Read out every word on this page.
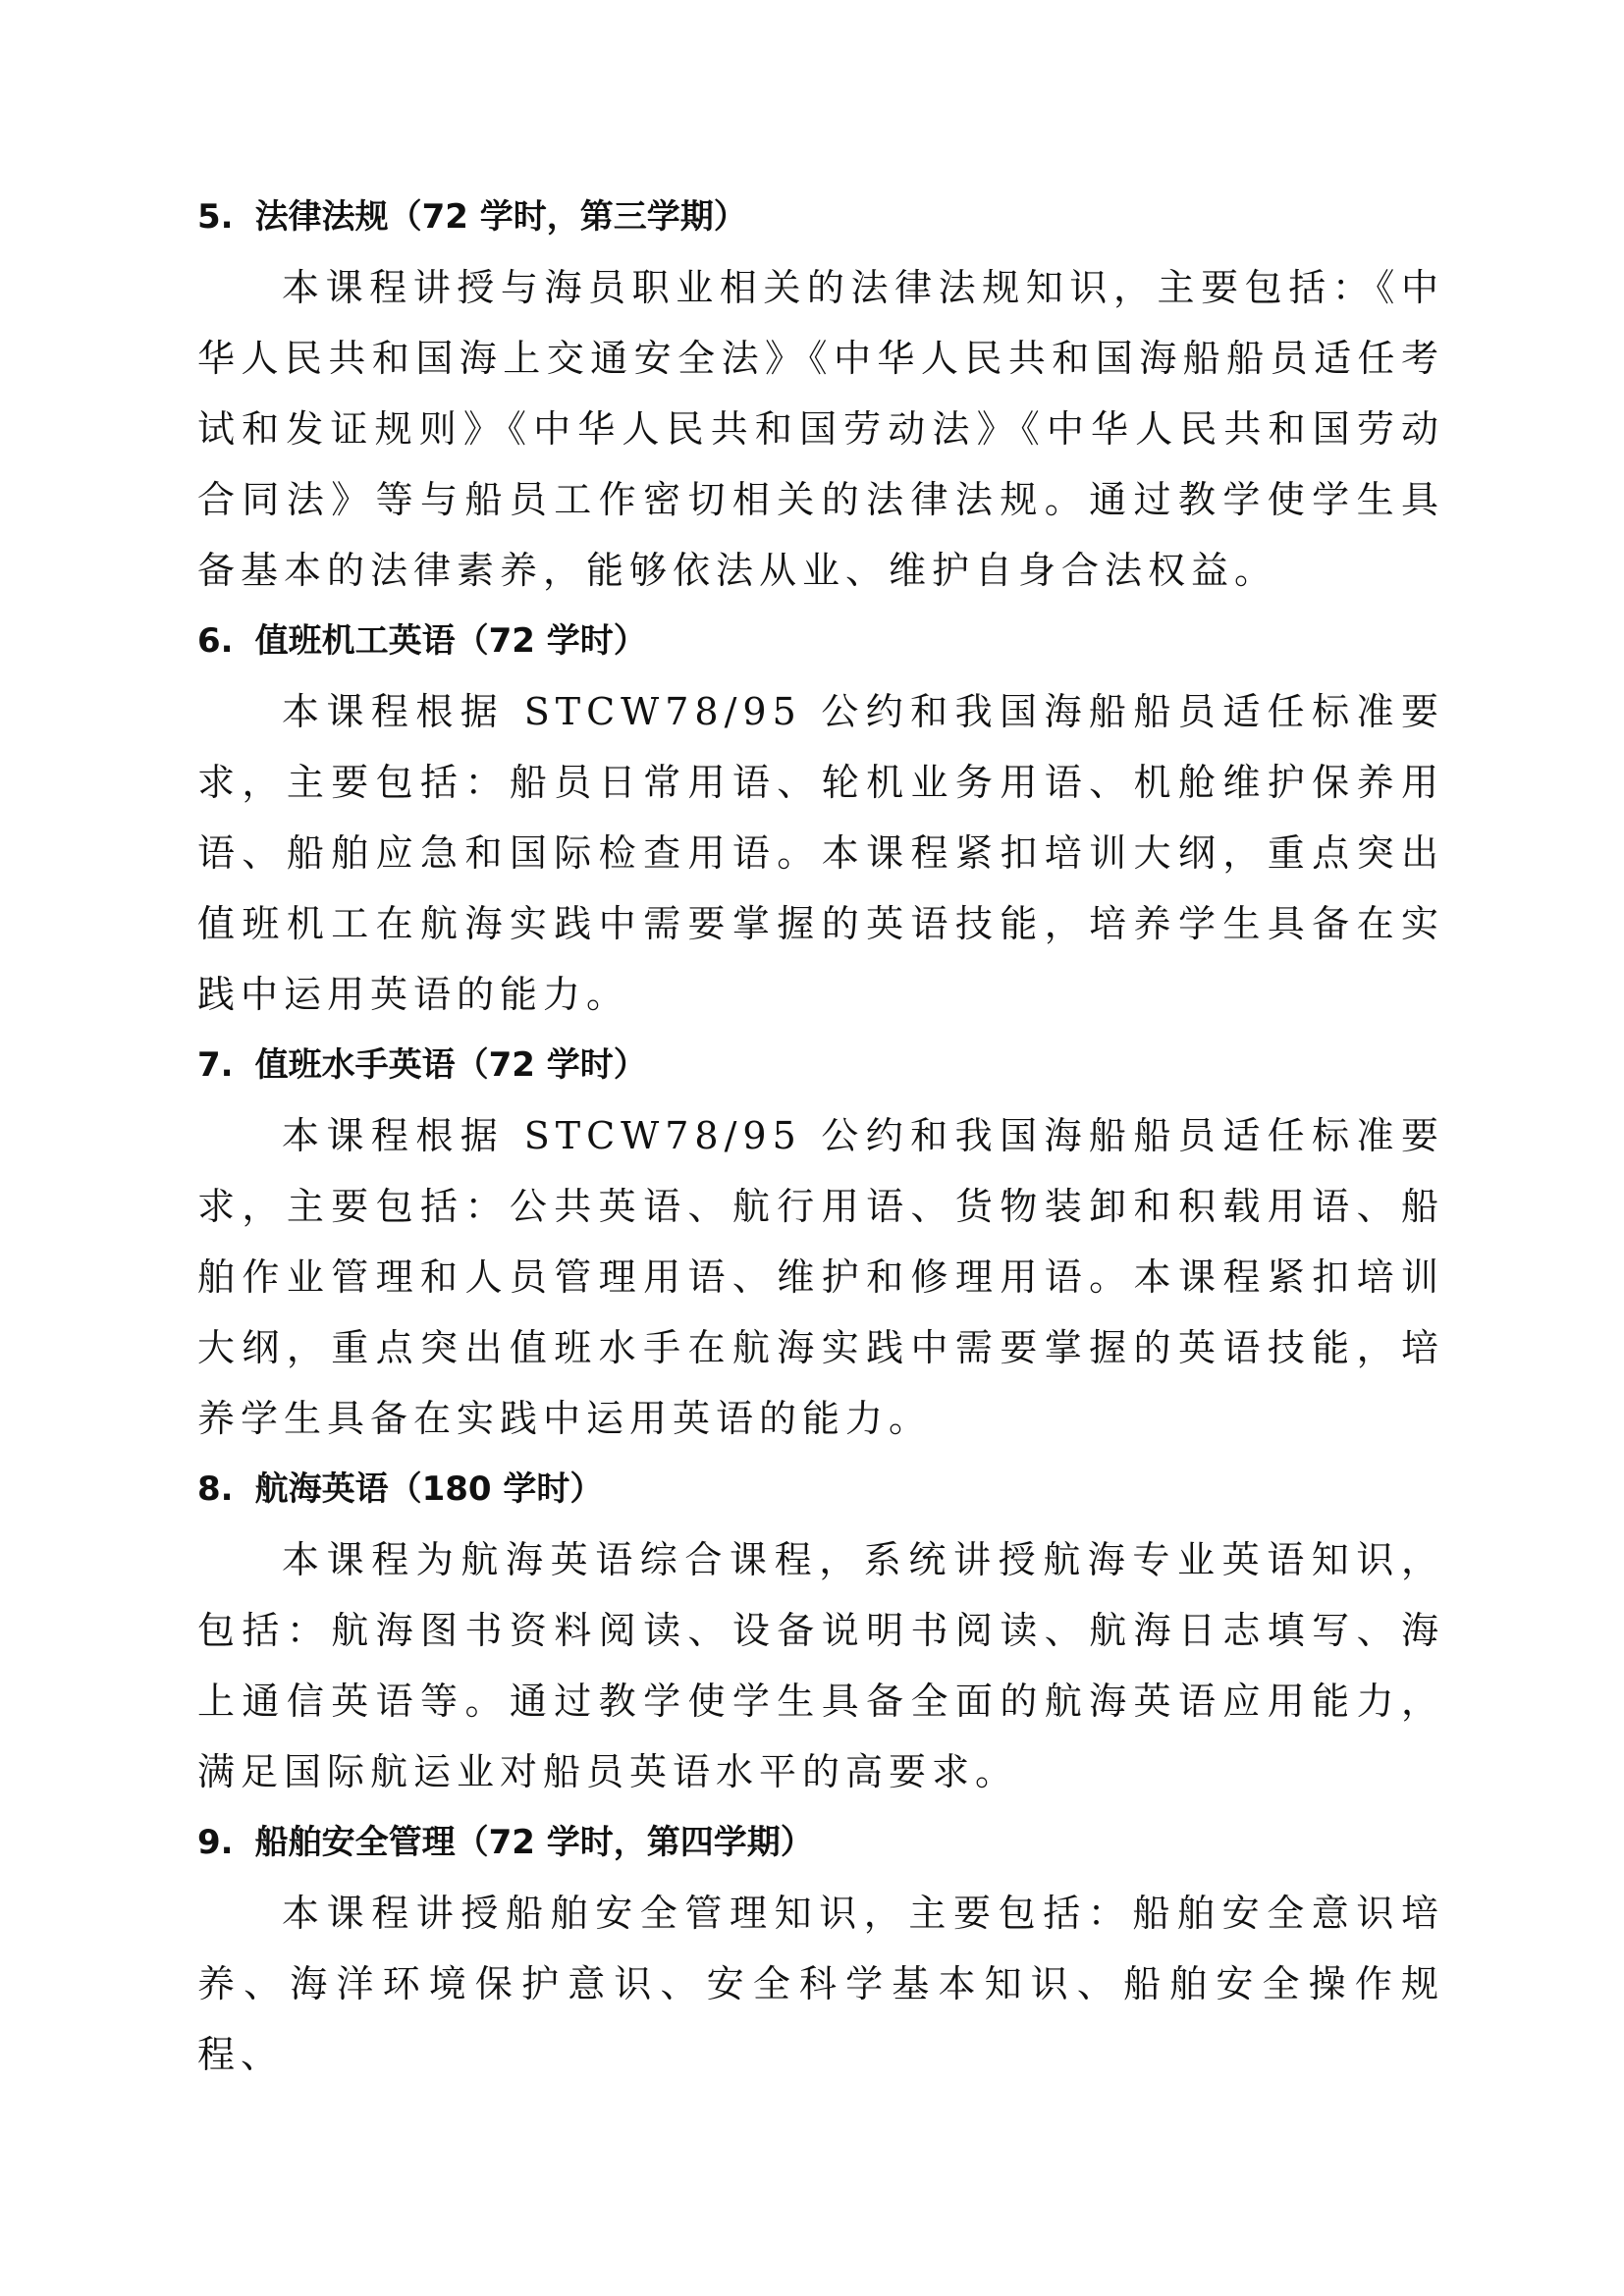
5. 法律法规（72 学时，第三学期）

本课程讲授与海员职业相关的法律法规知识，主要包括：《中华人民共和国海上交通安全法》《中华人民共和国海船船员适任考试和发证规则》《中华人民共和国劳动法》《中华人民共和国劳动合同法》等与船员工作密切相关的法律法规。通过教学使学生具备基本的法律素养，能够依法从业、维护自身合法权益。

6. 值班机工英语（72 学时）

本课程根据 STCW78/95 公约和我国海船船员适任标准要求，主要包括：船员日常用语、轮机业务用语、机舱维护保养用语、船舶应急和国际检查用语。本课程紧扣培训大纲，重点突出值班机工在航海实践中需要掌握的英语技能，培养学生具备在实践中运用英语的能力。

7. 值班水手英语（72 学时）

本课程根据 STCW78/95 公约和我国海船船员适任标准要求，主要包括：公共英语、航行用语、货物装卸和积载用语、船舶作业管理和人员管理用语、维护和修理用语。本课程紧扣培训大纲，重点突出值班水手在航海实践中需要掌握的英语技能，培养学生具备在实践中运用英语的能力。

8. 航海英语（180 学时）

本课程为航海英语综合课程，系统讲授航海专业英语知识，包括：航海图书资料阅读、设备说明书阅读、航海日志填写、海上通信英语等。通过教学使学生具备全面的航海英语应用能力，满足国际航运业对船员英语水平的高要求。

9. 船舶安全管理（72 学时，第四学期）

本课程讲授船舶安全管理知识，主要包括：船舶安全意识培养、海洋环境保护意识、安全科学基本知识、船舶安全操作规程、
